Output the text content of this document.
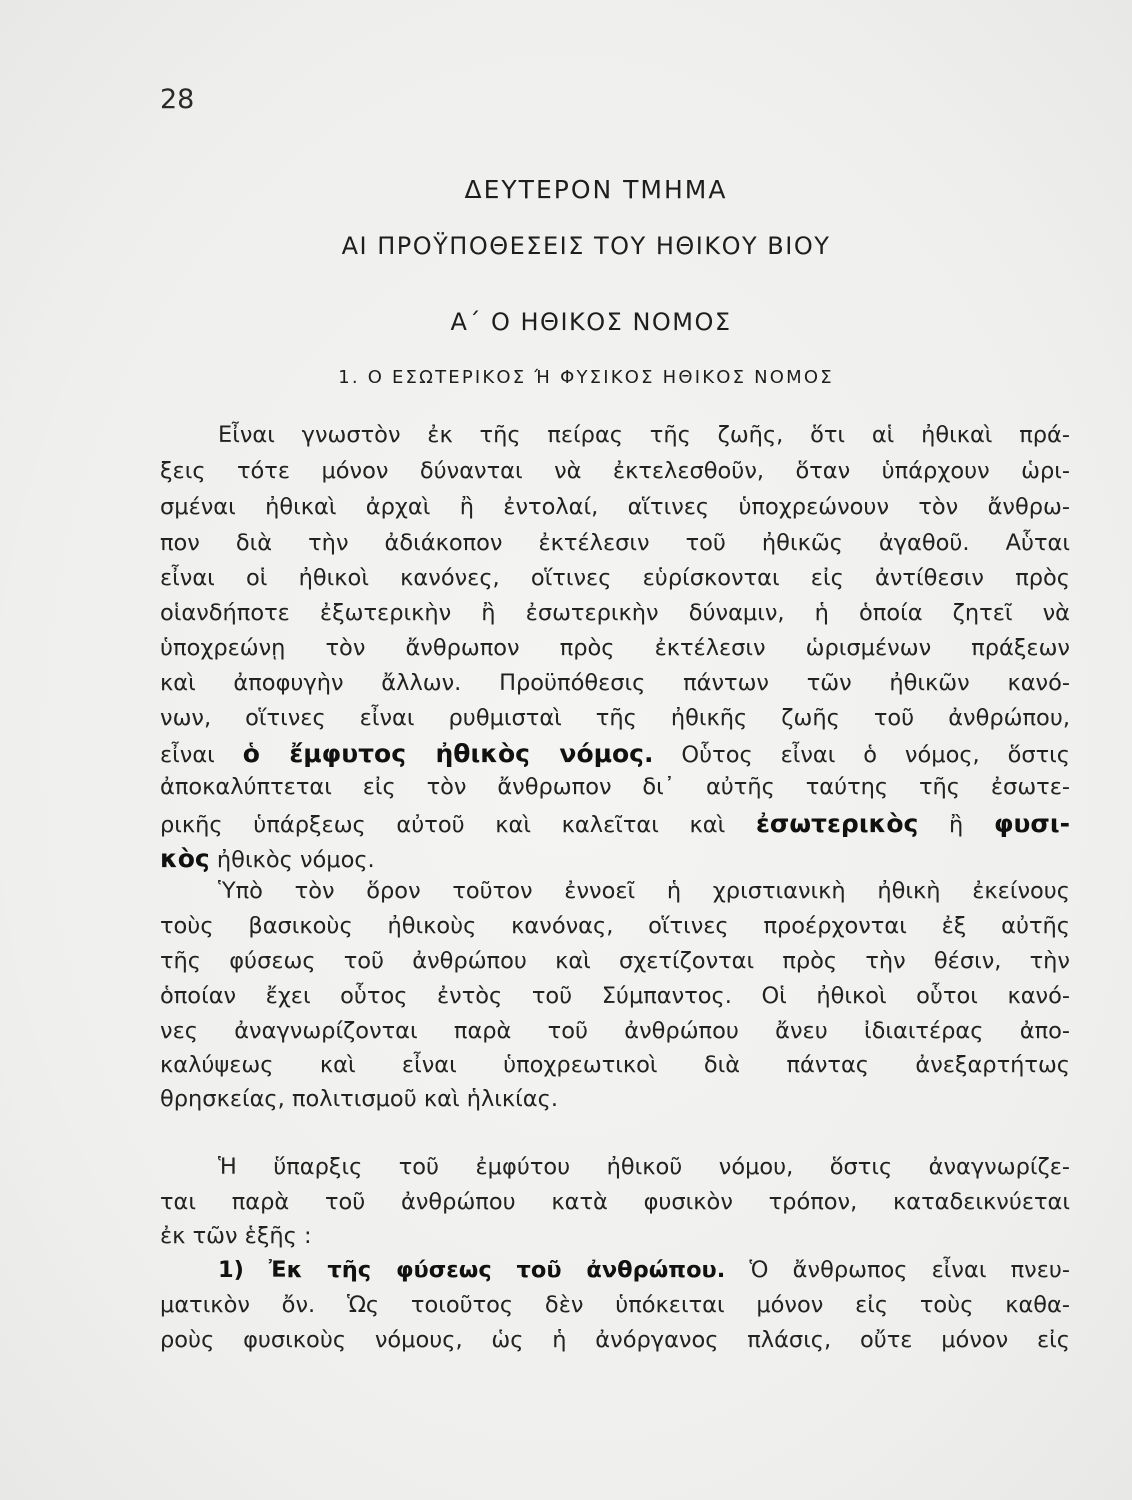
28
ΔΕΥΤΕΡΟΝ ΤΜΗΜΑ
ΑΙ ΠΡΟΫΠΟΘΕΣΕΙΣ ΤΟΥ ΗΘΙΚΟΥ ΒΙΟΥ
Α΄ Ο ΗΘΙΚΟΣ ΝΟΜΟΣ
1. Ο ΕΣΩΤΕΡΙΚΟΣ Ή ΦΥΣΙΚΟΣ ΗΘΙΚΟΣ ΝΟΜΟΣ
Εἶναι γνωστὸν ἐκ τῆς πείρας τῆς ζωῆς, ὅτι αἱ ἠθικαὶ πρά-
ξεις τότε μόνον δύνανται νὰ ἐκτελεσθοῦν, ὅταν ὑπάρχουν ὡρι-
σμέναι ἠθικαὶ ἀρχαὶ ἢ ἐντολαί, αἵτινες ὑποχρεώνουν τὸν ἄνθρω-
πον διὰ τὴν ἀδιάκοπον ἐκτέλεσιν τοῦ ἠθικῶς ἀγαθοῦ. Αὗται
εἶναι οἱ ἠθικοὶ κανόνες, οἵτινες εὑρίσκονται εἰς ἀντίθεσιν πρὸς
οἱανδήποτε ἐξωτερικὴν ἢ ἐσωτερικὴν δύναμιν, ἡ ὁποία ζητεῖ νὰ
ὑποχρεώνῃ τὸν ἄνθρωπον πρὸς ἐκτέλεσιν ὡρισμένων πράξεων
καὶ ἀποφυγὴν ἄλλων. Προϋπόθεσις πάντων τῶν ἠθικῶν κανό-
νων, οἵτινες εἶναι ρυθμισταὶ τῆς ἠθικῆς ζωῆς τοῦ ἀνθρώπου,
εἶναι ὁ ἔμφυτος ἠθικὸς νόμος. Οὗτος εἶναι ὁ νόμος, ὅστις
ἀποκαλύπτεται εἰς τὸν ἄνθρωπον δι᾽ αὐτῆς ταύτης τῆς ἐσωτε-
ρικῆς ὑπάρξεως αὐτοῦ καὶ καλεῖται καὶ ἐσωτερικὸς ἢ φυσι-
κὸς ἠθικὸς νόμος.
Ὑπὸ τὸν ὅρον τοῦτον ἐννοεῖ ἡ χριστιανικὴ ἠθικὴ ἐκείνους
τοὺς βασικοὺς ἠθικοὺς κανόνας, οἵτινες προέρχονται ἐξ αὐτῆς
τῆς φύσεως τοῦ ἀνθρώπου καὶ σχετίζονται πρὸς τὴν θέσιν, τὴν
ὁποίαν ἔχει οὗτος ἐντὸς τοῦ Σύμπαντος. Οἱ ἠθικοὶ οὗτοι κανό-
νες ἀναγνωρίζονται παρὰ τοῦ ἀνθρώπου ἄνευ ἰδιαιτέρας ἀπο-
καλύψεως καὶ εἶναι ὑποχρεωτικοὶ διὰ πάντας ἀνεξαρτήτως
θρησκείας, πολιτισμοῦ καὶ ἡλικίας.
Ἡ ὕπαρξις τοῦ ἐμφύτου ἠθικοῦ νόμου, ὅστις ἀναγνωρίζε-
ται παρὰ τοῦ ἀνθρώπου κατὰ φυσικὸν τρόπον, καταδεικνύεται
ἐκ τῶν ἑξῆς :
1) Ἐκ τῆς φύσεως τοῦ ἀνθρώπου. Ὁ ἄνθρωπος εἶναι πνευ-
ματικὸν ὄν. Ὡς τοιοῦτος δὲν ὑπόκειται μόνον εἰς τοὺς καθα-
ροὺς φυσικοὺς νόμους, ὡς ἡ ἀνόργανος πλάσις, οὔτε μόνον εἰς
